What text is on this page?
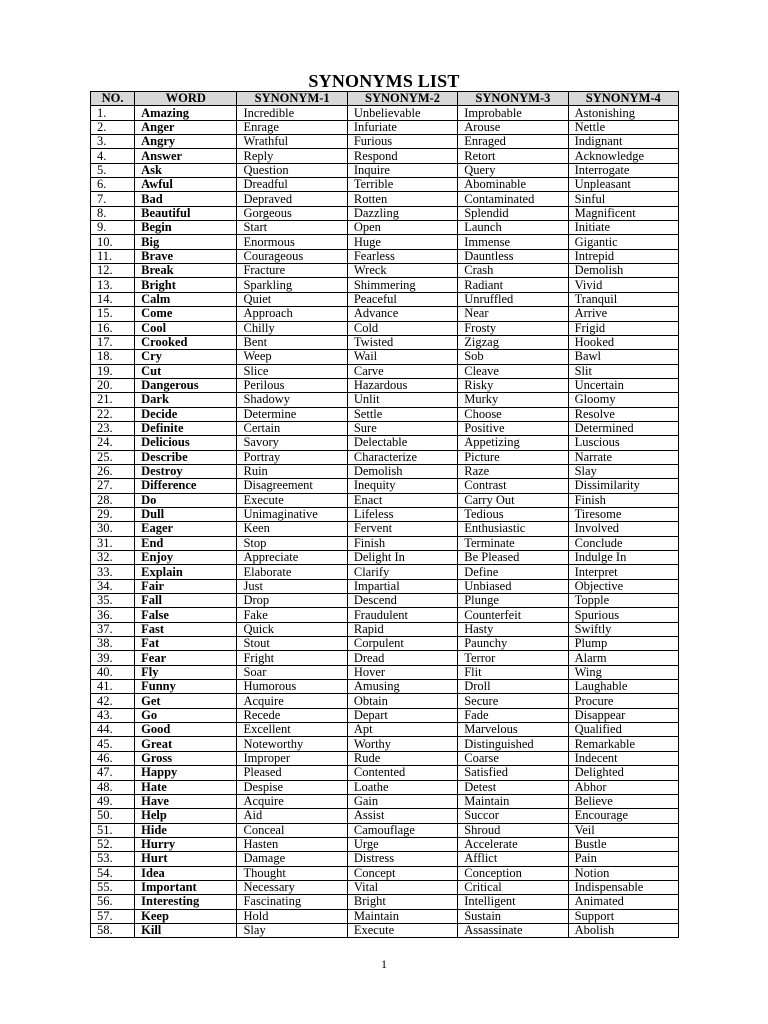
SYNONYMS LIST
NO.	WORD	SYNONYM-1	SYNONYM-2	SYNONYM-3	SYNONYM-4
1.	Amazing	Incredible	Unbelievable	Improbable	Astonishing
2.	Anger	Enrage	Infuriate	Arouse	Nettle
3.	Angry	Wrathful	Furious	Enraged	Indignant
4.	Answer	Reply	Respond	Retort	Acknowledge
5.	Ask	Question	Inquire	Query	Interrogate
6.	Awful	Dreadful	Terrible	Abominable	Unpleasant
7.	Bad	Depraved	Rotten	Contaminated	Sinful
8.	Beautiful	Gorgeous	Dazzling	Splendid	Magnificent
9.	Begin	Start	Open	Launch	Initiate
10.	Big	Enormous	Huge	Immense	Gigantic
11.	Brave	Courageous	Fearless	Dauntless	Intrepid
12.	Break	Fracture	Wreck	Crash	Demolish
13.	Bright	Sparkling	Shimmering	Radiant	Vivid
14.	Calm	Quiet	Peaceful	Unruffled	Tranquil
15.	Come	Approach	Advance	Near	Arrive
16.	Cool	Chilly	Cold	Frosty	Frigid
17.	Crooked	Bent	Twisted	Zigzag	Hooked
18.	Cry	Weep	Wail	Sob	Bawl
19.	Cut	Slice	Carve	Cleave	Slit
20.	Dangerous	Perilous	Hazardous	Risky	Uncertain
21.	Dark	Shadowy	Unlit	Murky	Gloomy
22.	Decide	Determine	Settle	Choose	Resolve
23.	Definite	Certain	Sure	Positive	Determined
24.	Delicious	Savory	Delectable	Appetizing	Luscious
25.	Describe	Portray	Characterize	Picture	Narrate
26.	Destroy	Ruin	Demolish	Raze	Slay
27.	Difference	Disagreement	Inequity	Contrast	Dissimilarity
28.	Do	Execute	Enact	Carry Out	Finish
29.	Dull	Unimaginative	Lifeless	Tedious	Tiresome
30.	Eager	Keen	Fervent	Enthusiastic	Involved
31.	End	Stop	Finish	Terminate	Conclude
32.	Enjoy	Appreciate	Delight In	Be Pleased	Indulge In
33.	Explain	Elaborate	Clarify	Define	Interpret
34.	Fair	Just	Impartial	Unbiased	Objective
35.	Fall	Drop	Descend	Plunge	Topple
36.	False	Fake	Fraudulent	Counterfeit	Spurious
37.	Fast	Quick	Rapid	Hasty	Swiftly
38.	Fat	Stout	Corpulent	Paunchy	Plump
39.	Fear	Fright	Dread	Terror	Alarm
40.	Fly	Soar	Hover	Flit	Wing
41.	Funny	Humorous	Amusing	Droll	Laughable
42.	Get	Acquire	Obtain	Secure	Procure
43.	Go	Recede	Depart	Fade	Disappear
44.	Good	Excellent	Apt	Marvelous	Qualified
45.	Great	Noteworthy	Worthy	Distinguished	Remarkable
46.	Gross	Improper	Rude	Coarse	Indecent
47.	Happy	Pleased	Contented	Satisfied	Delighted
48.	Hate	Despise	Loathe	Detest	Abhor
49.	Have	Acquire	Gain	Maintain	Believe
50.	Help	Aid	Assist	Succor	Encourage
51.	Hide	Conceal	Camouflage	Shroud	Veil
52.	Hurry	Hasten	Urge	Accelerate	Bustle
53.	Hurt	Damage	Distress	Afflict	Pain
54.	Idea	Thought	Concept	Conception	Notion
55.	Important	Necessary	Vital	Critical	Indispensable
56.	Interesting	Fascinating	Bright	Intelligent	Animated
57.	Keep	Hold	Maintain	Sustain	Support
58.	Kill	Slay	Execute	Assassinate	Abolish
1
